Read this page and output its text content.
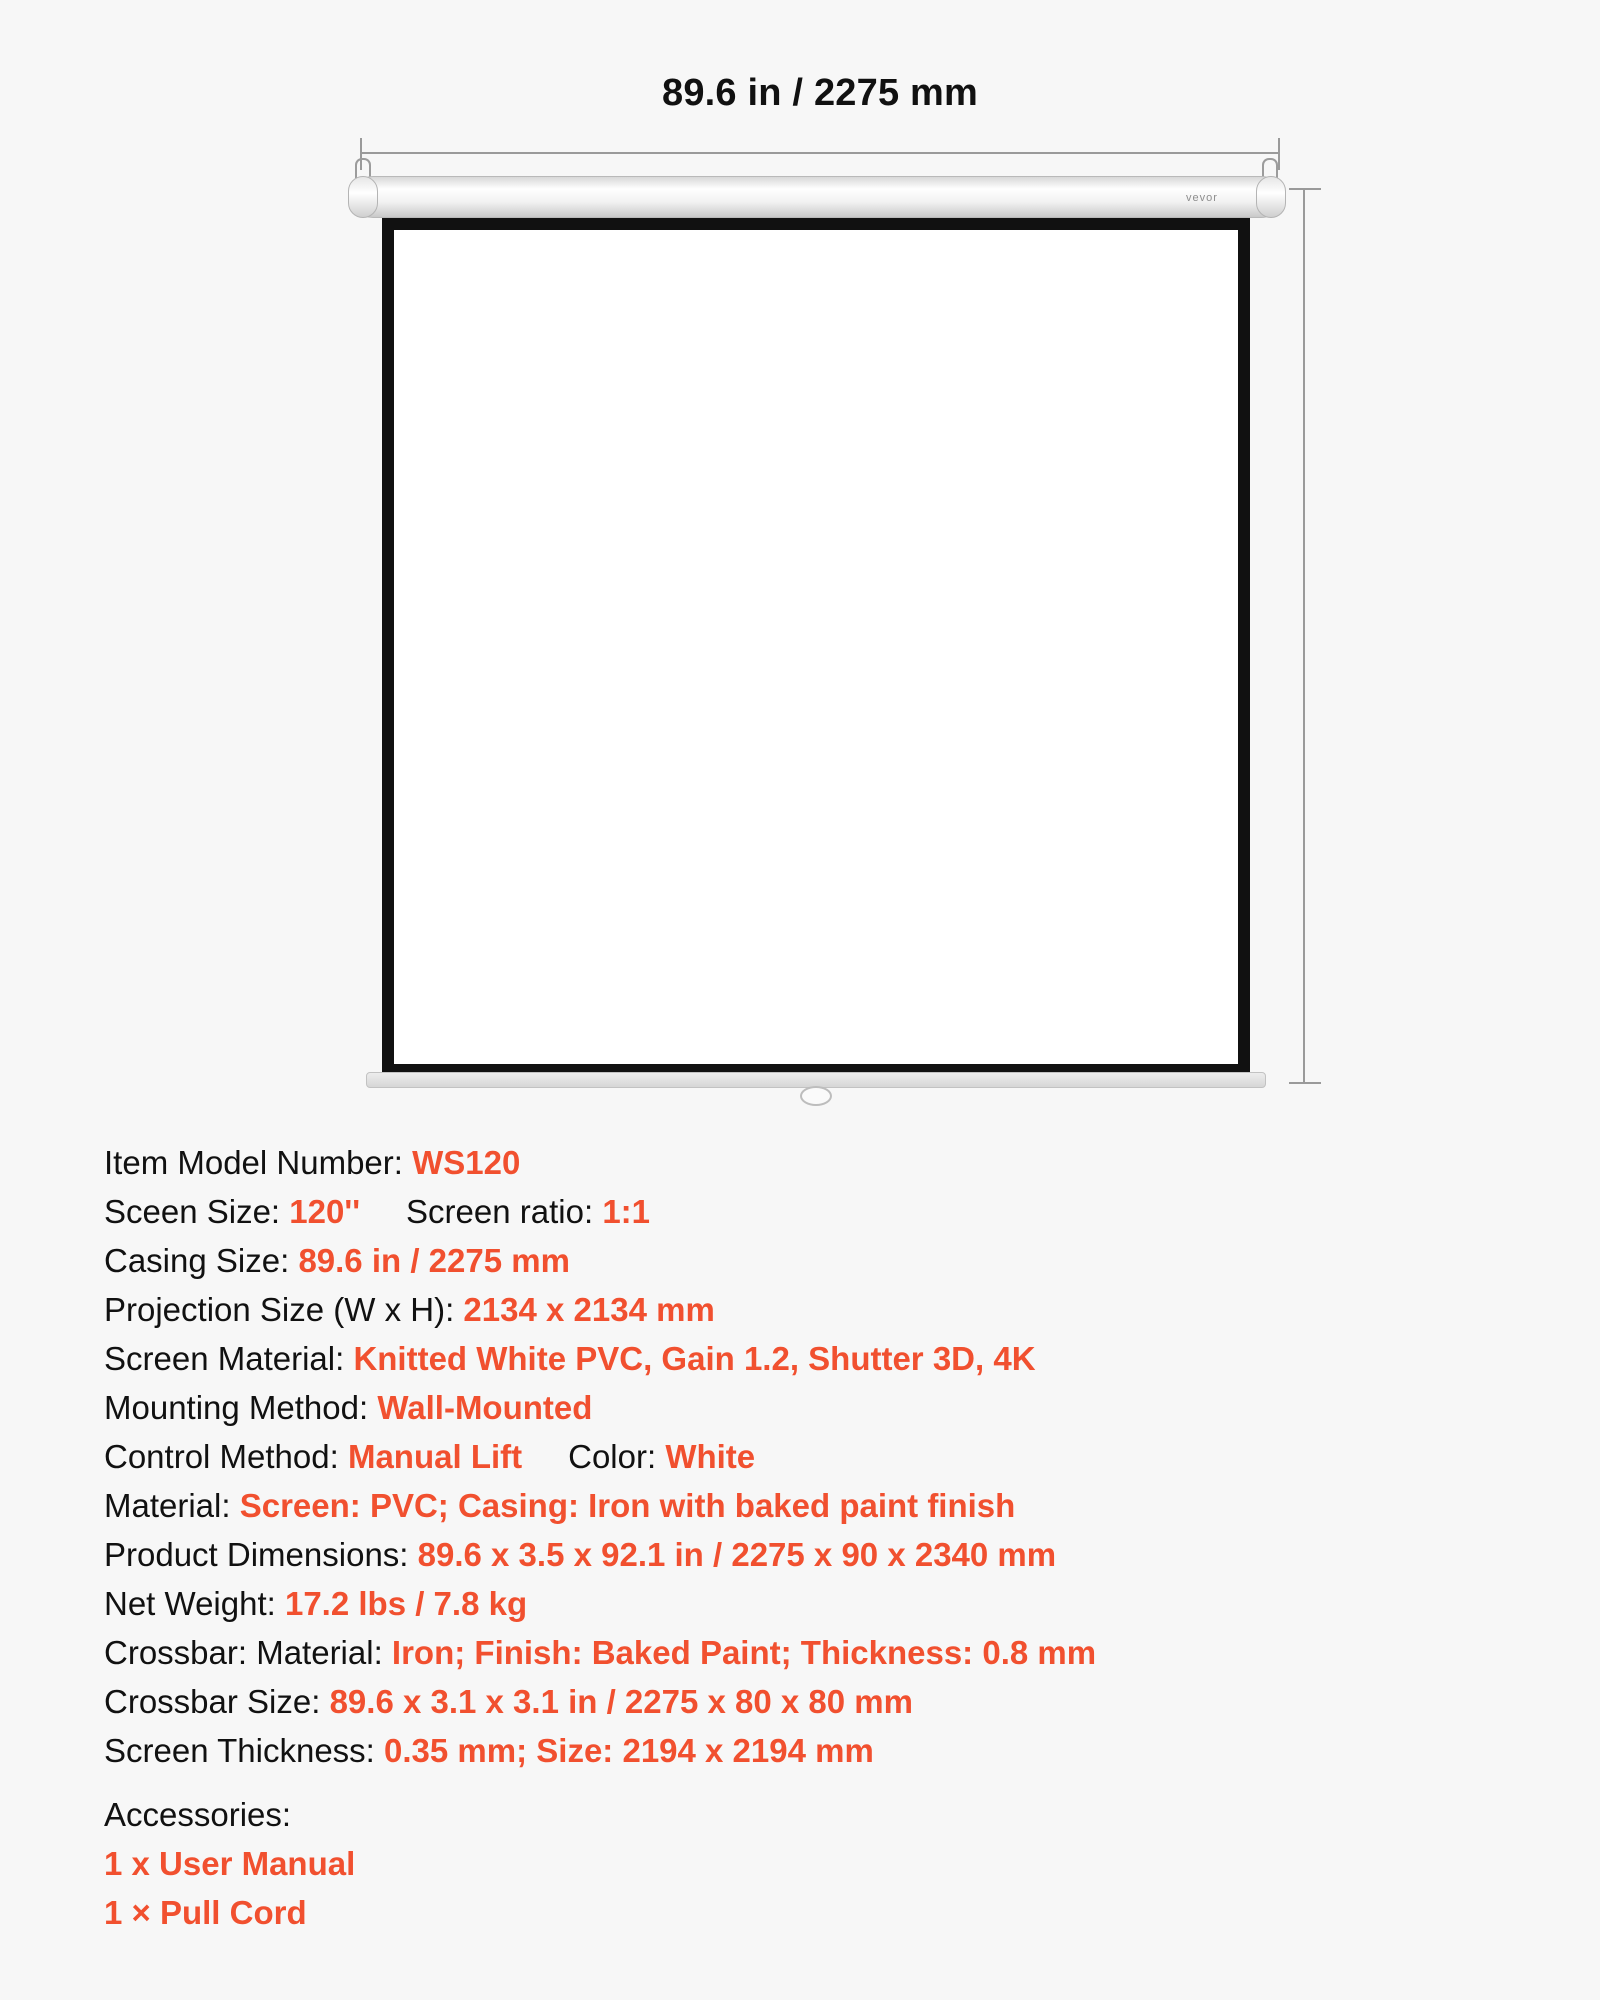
89.6 in / 2275 mm
vevor
Item Model Number: WS120
Sceen Size: 120'' Screen ratio: 1:1
Casing Size: 89.6 in / 2275 mm
Projection Size (W x H): 2134 x 2134 mm
Screen Material: Knitted White PVC, Gain 1.2, Shutter 3D, 4K
Mounting Method: Wall-Mounted
Control Method: Manual Lift Color: White
Material: Screen: PVC; Casing: Iron with baked paint finish
Product Dimensions: 89.6 x 3.5 x 92.1 in / 2275 x 90 x 2340 mm
Net Weight: 17.2 lbs / 7.8 kg
Crossbar: Material: Iron; Finish: Baked Paint; Thickness: 0.8 mm
Crossbar Size: 89.6 x 3.1 x 3.1 in / 2275 x 80 x 80 mm
Screen Thickness: 0.35 mm; Size: 2194 x 2194 mm
Accessories:
1 x User Manual
1 × Pull Cord
